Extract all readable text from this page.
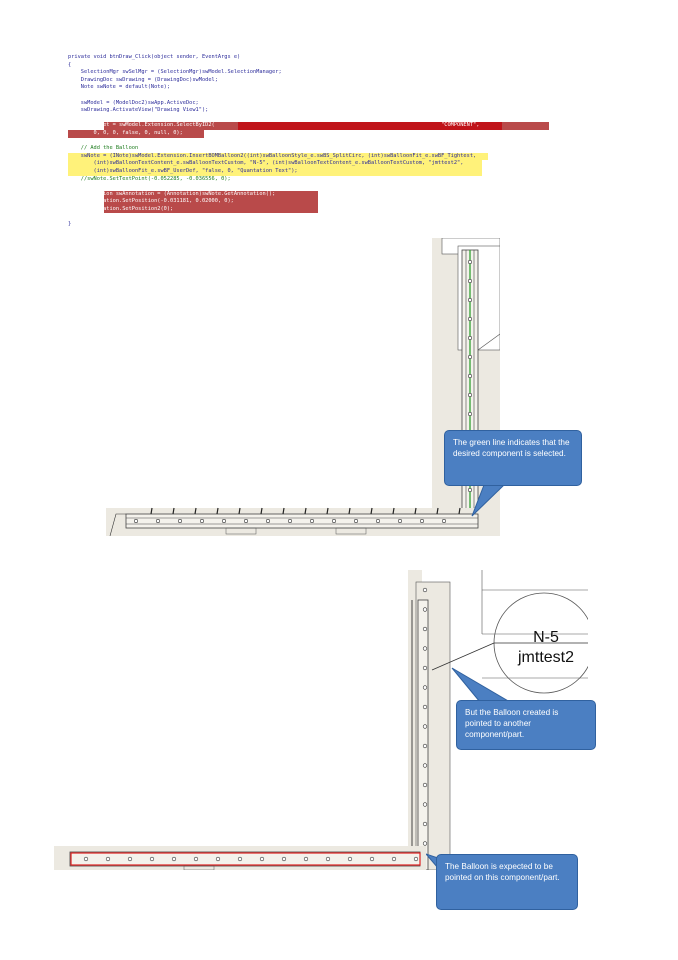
private void btnDraw_Click(object sender, EventArgs e)
{
SelectionMgr swSelMgr = (SelectionMgr)swModel.SelectionManager;
DrawingDoc swDrawing = (DrawingDoc)swModel;
Note swNote = default(Note);
swModel = (ModelDoc2)swApp.ActiveDoc;
swDrawing.ActivateView("Drawing View1");
bool bRet = swModel.Extension.SelectByID2(                                                                       "COMPONENT",
0, 0, 0, false, 0, null, 0);
// Add the Balloon
swNote = (INote)swModel.Extension.InsertBOMBalloon2((int)swBalloonStyle_e.swBS_SplitCirc, (int)swBalloonFit_e.swBF_Tightest,
(int)swBalloonTextContent_e.swBalloonTextCustom, "N-5", (int)swBalloonTextContent_e.swBalloonTextCustom, "jmttest2",
(int)swBalloonFit_e.swBF_UserDef, "false, 0, "Quantation Text");
//swNote.SetTextPoint(-0.052285, -0.036556, 0);
Annotation swAnnotation = (Annotation)swNote.GetAnnotation();
swAnnotation.SetPosition(-0.031181, 0.02000, 0);
swAnnotation.SetPosition2(0);
}
The green line indicates that the desired component is selected.
N-5
jmttest2
But the Balloon created is pointed to another component/part.
The Balloon is expected to be pointed on this component/part.
